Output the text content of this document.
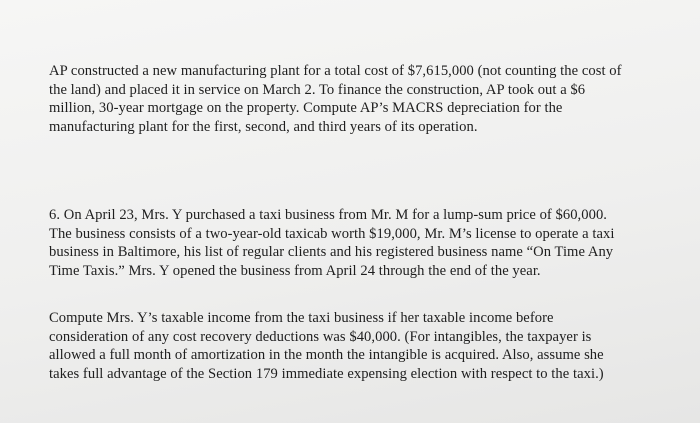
AP constructed a new manufacturing plant for a total cost of $7,615,000 (not counting the cost of
the land) and placed it in service on March 2. To finance the construction, AP took out a $6
million, 30-year mortgage on the property. Compute AP’s MACRS depreciation for the
manufacturing plant for the first, second, and third years of its operation.

6. On April 23, Mrs. Y purchased a taxi business from Mr. M for a lump-sum price of $60,000.
The business consists of a two-year-old taxicab worth $19,000, Mr. M’s license to operate a taxi
business in Baltimore, his list of regular clients and his registered business name “On Time Any
Time Taxis.” Mrs. Y opened the business from April 24 through the end of the year.

Compute Mrs. Y’s taxable income from the taxi business if her taxable income before
consideration of any cost recovery deductions was $40,000. (For intangibles, the taxpayer is
allowed a full month of amortization in the month the intangible is acquired. Also, assume she
takes full advantage of the Section 179 immediate expensing election with respect to the taxi.)
